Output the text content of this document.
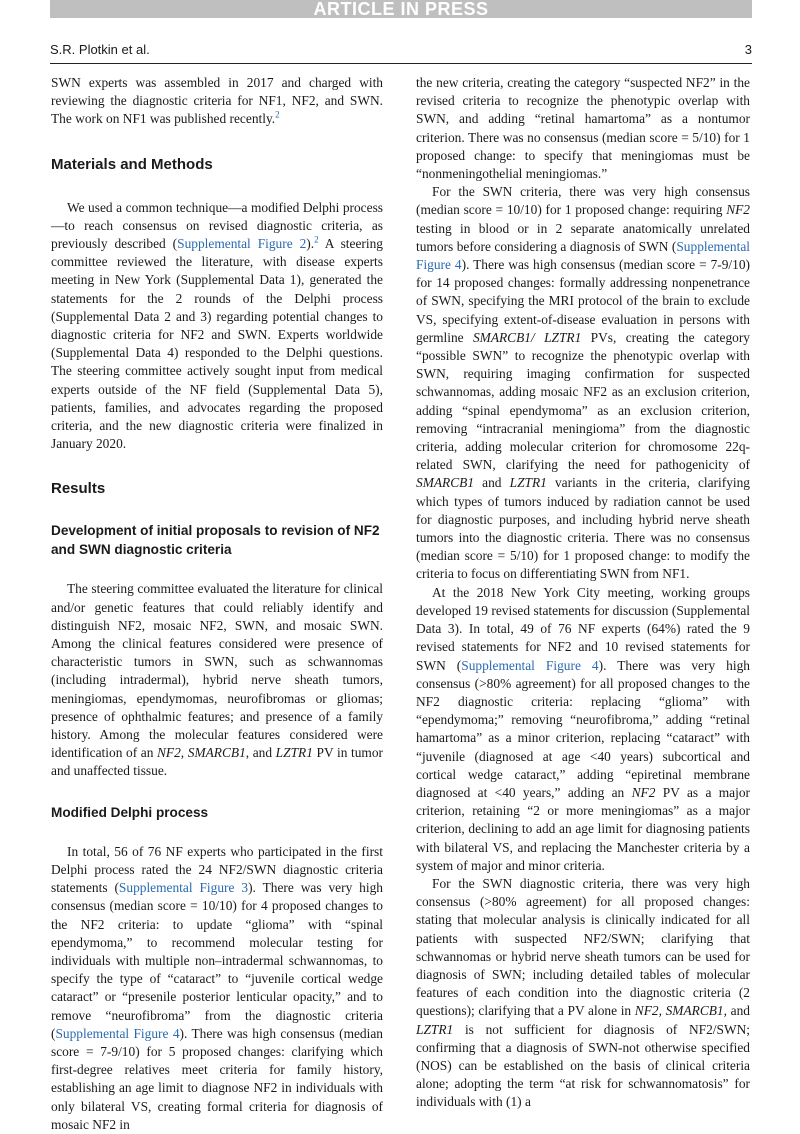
ARTICLE IN PRESS
S.R. Plotkin et al.	3

SWN experts was assembled in 2017 and charged with reviewing the diagnostic criteria for NF1, NF2, and SWN. The work on NF1 was published recently.$^2$

Materials and Methods

We used a common technique—a modified Delphi process—to reach consensus on revised diagnostic criteria, as previously described (Supplemental Figure 2).$^2$ A steering committee reviewed the literature, with disease experts meeting in New York (Supplemental Data 1), generated the statements for the 2 rounds of the Delphi process (Supplemental Data 2 and 3) regarding potential changes to diagnostic criteria for NF2 and SWN. Experts worldwide (Supplemental Data 4) responded to the Delphi questions. The steering committee actively sought input from medical experts outside of the NF field (Supplemental Data 5), patients, families, and advocates regarding the proposed criteria, and the new diagnostic criteria were finalized in January 2020.

Results
Development of initial proposals to revision of NF2 and SWN diagnostic criteria

The steering committee evaluated the literature for clinical and/or genetic features that could reliably identify and distinguish NF2, mosaic NF2, SWN, and mosaic SWN. Among the clinical features considered were presence of characteristic tumors in SWN, such as schwannomas (including intradermal), hybrid nerve sheath tumors, meningiomas, ependymomas, neurofibromas or gliomas; presence of ophthalmic features; and presence of a family history. Among the molecular features considered were identification of an NF2, SMARCB1, and LZTR1 PV in tumor and unaffected tissue.

Modified Delphi process

In total, 56 of 76 NF experts who participated in the first Delphi process rated the 24 NF2/SWN diagnostic criteria statements (Supplemental Figure 3). There was very high consensus (median score = 10/10) for 4 proposed changes to the NF2 criteria: to update “glioma” with “spinal ependymoma,” to recommend molecular testing for individuals with multiple non–intradermal schwannomas, to specify the type of “cataract” to “juvenile cortical wedge cataract” or “presenile posterior lenticular opacity,” and to remove “neurofibroma” from the diagnostic criteria (Supplemental Figure 4). There was high consensus (median score = 7-9/10) for 5 proposed changes: clarifying which first-degree relatives meet criteria for family history, establishing an age limit to diagnose NF2 in individuals with only bilateral VS, creating formal criteria for diagnosis of mosaic NF2 in

the new criteria, creating the category “suspected NF2” in the revised criteria to recognize the phenotypic overlap with SWN, and adding “retinal hamartoma” as a nontumor criterion. There was no consensus (median score = 5/10) for 1 proposed change: to specify that meningiomas must be “nonmeningothelial meningiomas.”

For the SWN criteria, there was very high consensus (median score = 10/10) for 1 proposed change: requiring NF2 testing in blood or in 2 separate anatomically unrelated tumors before considering a diagnosis of SWN (Supplemental Figure 4). There was high consensus (median score = 7-9/10) for 14 proposed changes: formally addressing nonpenetrance of SWN, specifying the MRI protocol of the brain to exclude VS, specifying extent-of-disease evaluation in persons with germline SMARCB1/ LZTR1 PVs, creating the category “possible SWN” to recognize the phenotypic overlap with SWN, requiring imaging confirmation for suspected schwannomas, adding mosaic NF2 as an exclusion criterion, adding “spinal ependymoma” as an exclusion criterion, removing “intracranial meningioma” from the diagnostic criteria, adding molecular criterion for chromosome 22q-related SWN, clarifying the need for pathogenicity of SMARCB1 and LZTR1 variants in the criteria, clarifying which types of tumors induced by radiation cannot be used for diagnostic purposes, and including hybrid nerve sheath tumors into the diagnostic criteria. There was no consensus (median score = 5/10) for 1 proposed change: to modify the criteria to focus on differentiating SWN from NF1.

At the 2018 New York City meeting, working groups developed 19 revised statements for discussion (Supplemental Data 3). In total, 49 of 76 NF experts (64%) rated the 9 revised statements for NF2 and 10 revised statements for SWN (Supplemental Figure 4). There was very high consensus (>80% agreement) for all proposed changes to the NF2 diagnostic criteria: replacing “glioma” with “ependymoma;” removing “neurofibroma,” adding “retinal hamartoma” as a minor criterion, replacing “cataract” with “juvenile (diagnosed at age <40 years) subcortical and cortical wedge cataract,” adding “epiretinal membrane diagnosed at <40 years,” adding an NF2 PV as a major criterion, retaining “2 or more meningiomas” as a major criterion, declining to add an age limit for diagnosing patients with bilateral VS, and replacing the Manchester criteria by a system of major and minor criteria.

For the SWN diagnostic criteria, there was very high consensus (>80% agreement) for all proposed changes: stating that molecular analysis is clinically indicated for all patients with suspected NF2/SWN; clarifying that schwannomas or hybrid nerve sheath tumors can be used for diagnosis of SWN; including detailed tables of molecular features of each condition into the diagnostic criteria (2 questions); clarifying that a PV alone in NF2, SMARCB1, and LZTR1 is not sufficient for diagnosis of NF2/SWN; confirming that a diagnosis of SWN-not otherwise specified (NOS) can be established on the basis of clinical criteria alone; adopting the term “at risk for schwannomatosis” for individuals with (1) a
